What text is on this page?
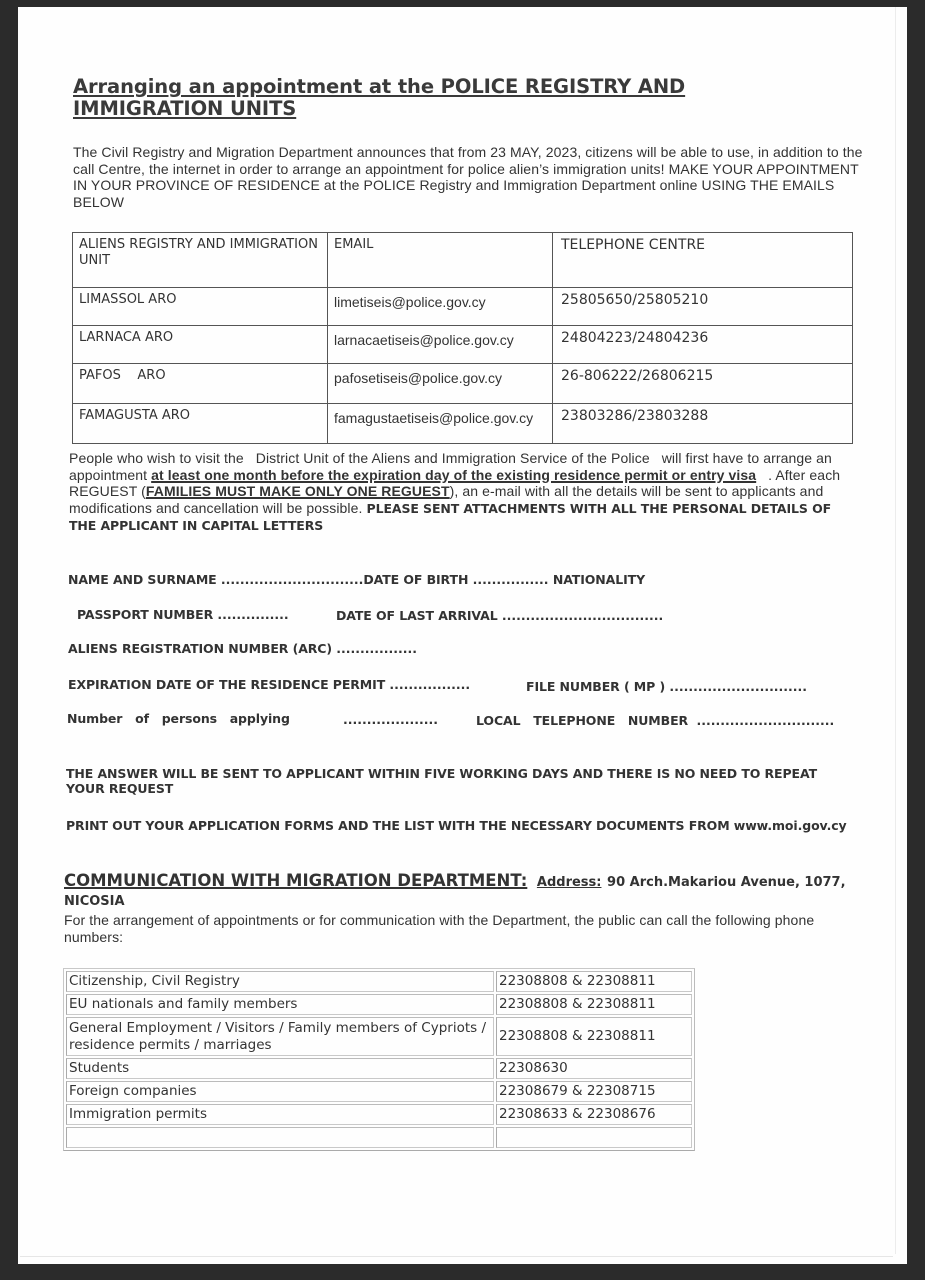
Arranging an appointment at the POLICE REGISTRY AND IMMIGRATION UNITS
The Civil Registry and Migration Department announces that from 23 MAY, 2023, citizens will be able to use, in addition to the call Centre, the internet in order to arrange an appointment for police alien’s immigration units! MAKE YOUR APPOINTMENT IN YOUR PROVINCE OF RESIDENCE at the POLICE Registry and Immigration Department online USING THE EMAILS BELOW
ALIENS REGISTRY AND IMMIGRATION UNIT	EMAIL	TELEPHONE CENTRE
LIMASSOL ARO	limetiseis@police.gov.cy	25805650/25805210
LARNACA ARO	larnacaetiseis@police.gov.cy	24804223/24804236
PAFOS    ARO	pafosetiseis@police.gov.cy	26-806222/26806215
FAMAGUSTA ARO	famagustaetiseis@police.gov.cy	23803286/23803288
People who wish to visit the   District Unit of the Aliens and Immigration Service of the Police   will first have to arrange an appointment at least one month before the expiration day of the existing residence permit or entry visa   . After each REGUEST (FAMILIES MUST MAKE ONLY ONE REGUEST), an e-mail with all the details will be sent to applicants and modifications and cancellation will be possible. PLEASE SENT ATTACHMENTS WITH ALL THE PERSONAL DETAILS OF THE APPLICANT IN CAPITAL LETTERS
NAME AND SURNAME ..............................DATE OF BIRTH ................ NATIONALITY
PASSPORT NUMBER ...............	DATE OF LAST ARRIVAL ..................................
ALIENS REGISTRATION NUMBER (ARC) .................
EXPIRATION DATE OF THE RESIDENCE PERMIT .................	FILE NUMBER ( MP ) .............................
Number   of   persons   applying	....................	LOCAL   TELEPHONE   NUMBER .............................
THE ANSWER WILL BE SENT TO APPLICANT WITHIN FIVE WORKING DAYS AND THERE IS NO NEED TO REPEAT YOUR REQUEST
PRINT OUT YOUR APPLICATION FORMS AND THE LIST WITH THE NECESSARY DOCUMENTS FROM www.moi.gov.cy
COMMUNICATION WITH MIGRATION DEPARTMENT: Address: 90 Arch.Makariou Avenue, 1077, NICOSIA
For the arrangement of appointments or for communication with the Department, the public can call the following phone numbers:
Citizenship, Civil Registry	22308808 & 22308811
EU nationals and family members	22308808 & 22308811
General Employment / Visitors / Family members of Cypriots / residence permits / marriages	22308808 & 22308811
Students	22308630
Foreign companies	22308679 & 22308715
Immigration permits	22308633 & 22308676
